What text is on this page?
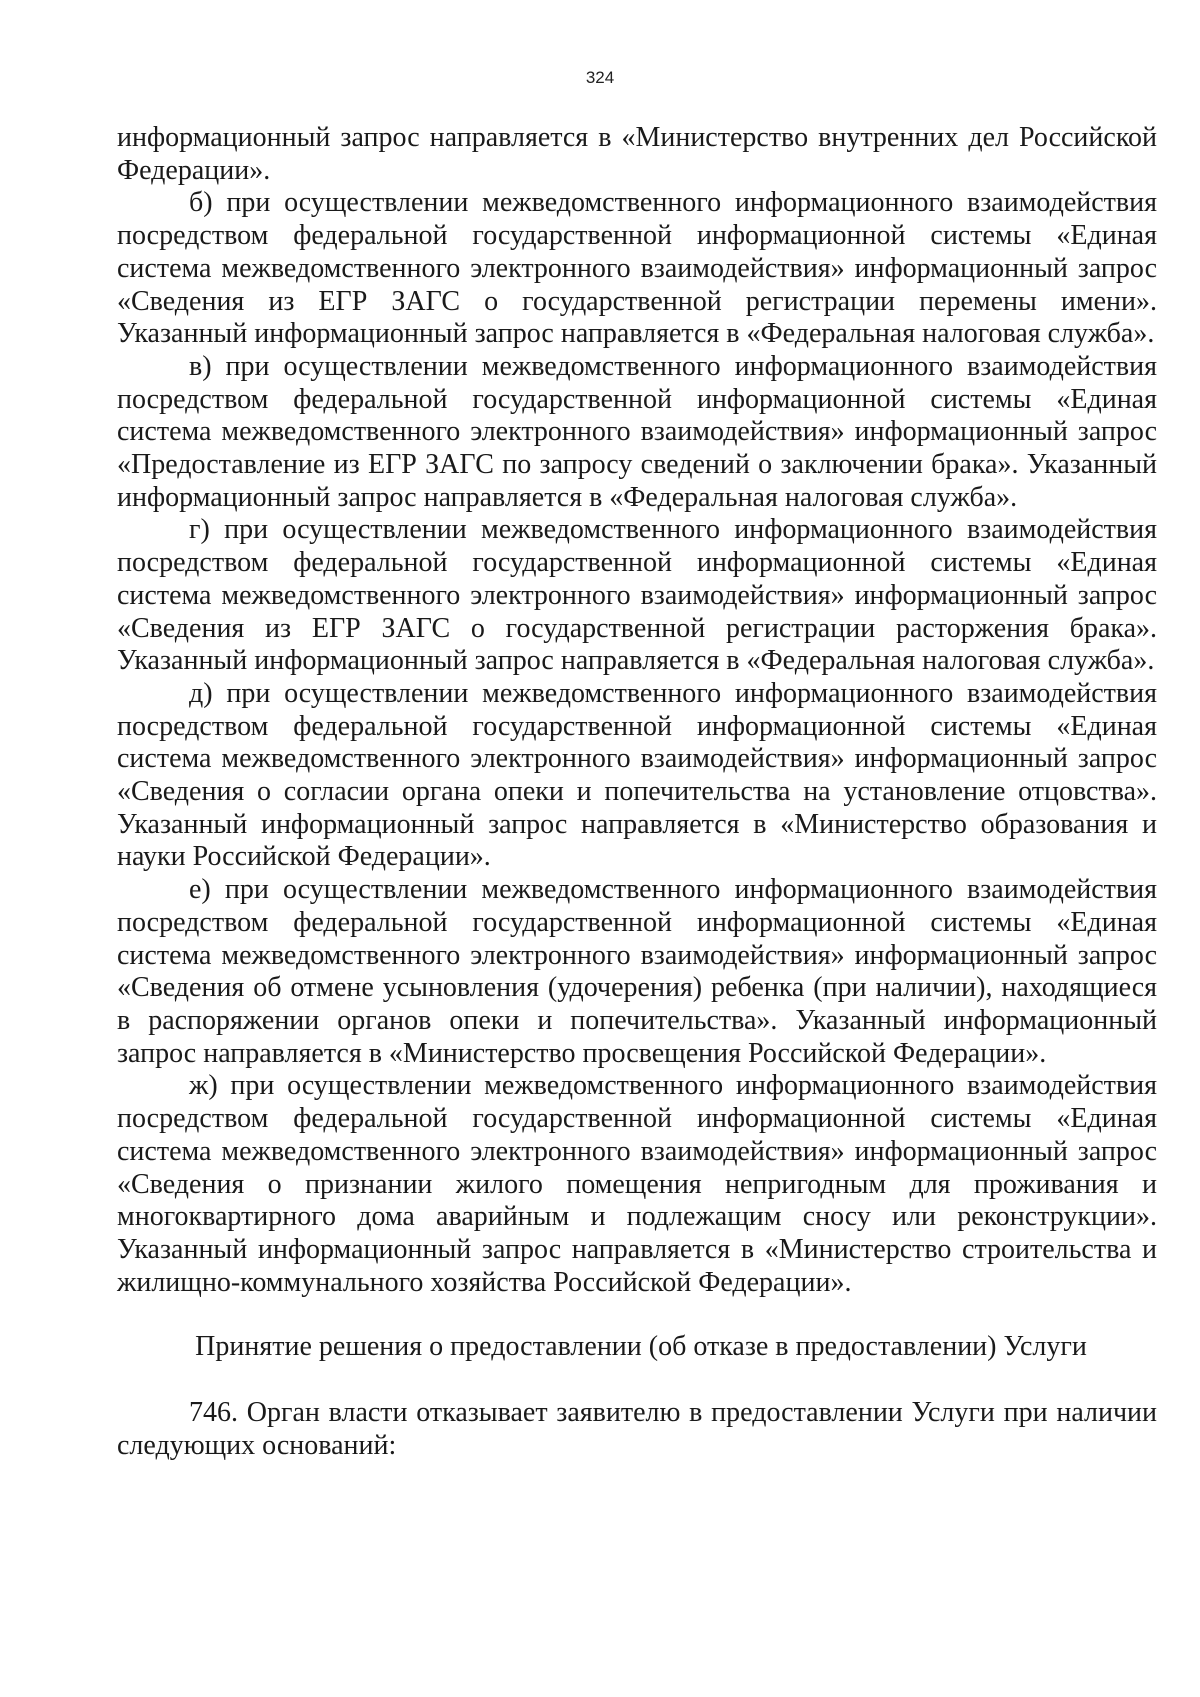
324

информационный запрос направляется в «Министерство внутренних дел Российской Федерации».

б) при осуществлении межведомственного информационного взаимодействия посредством федеральной государственной информационной системы «Единая система межведомственного электронного взаимодействия» информационный запрос «Сведения из ЕГР ЗАГС о государственной регистрации перемены имени». Указанный информационный запрос направляется в «Федеральная налоговая служба».

в) при осуществлении межведомственного информационного взаимодействия посредством федеральной государственной информационной системы «Единая система межведомственного электронного взаимодействия» информационный запрос «Предоставление из ЕГР ЗАГС по запросу сведений о заключении брака». Указанный информационный запрос направляется в «Федеральная налоговая служба».

г) при осуществлении межведомственного информационного взаимодействия посредством федеральной государственной информационной системы «Единая система межведомственного электронного взаимодействия» информационный запрос «Сведения из ЕГР ЗАГС о государственной регистрации расторжения брака». Указанный информационный запрос направляется в «Федеральная налоговая служба».

д) при осуществлении межведомственного информационного взаимодействия посредством федеральной государственной информационной системы «Единая система межведомственного электронного взаимодействия» информационный запрос «Сведения о согласии органа опеки и попечительства на установление отцовства». Указанный информационный запрос направляется в «Министерство образования и науки Российской Федерации».

е) при осуществлении межведомственного информационного взаимодействия посредством федеральной государственной информационной системы «Единая система межведомственного электронного взаимодействия» информационный запрос «Сведения об отмене усыновления (удочерения) ребенка (при наличии), находящиеся в распоряжении органов опеки и попечительства». Указанный информационный запрос направляется в «Министерство просвещения Российской Федерации».

ж) при осуществлении межведомственного информационного взаимодействия посредством федеральной государственной информационной системы «Единая система межведомственного электронного взаимодействия» информационный запрос «Сведения о признании жилого помещения непригодным для проживания и многоквартирного дома аварийным и подлежащим сносу или реконструкции». Указанный информационный запрос направляется в «Министерство строительства и жилищно-коммунального хозяйства Российской Федерации».

Принятие решения о предоставлении (об отказе в предоставлении) Услуги

746. Орган власти отказывает заявителю в предоставлении Услуги при наличии следующих оснований:
